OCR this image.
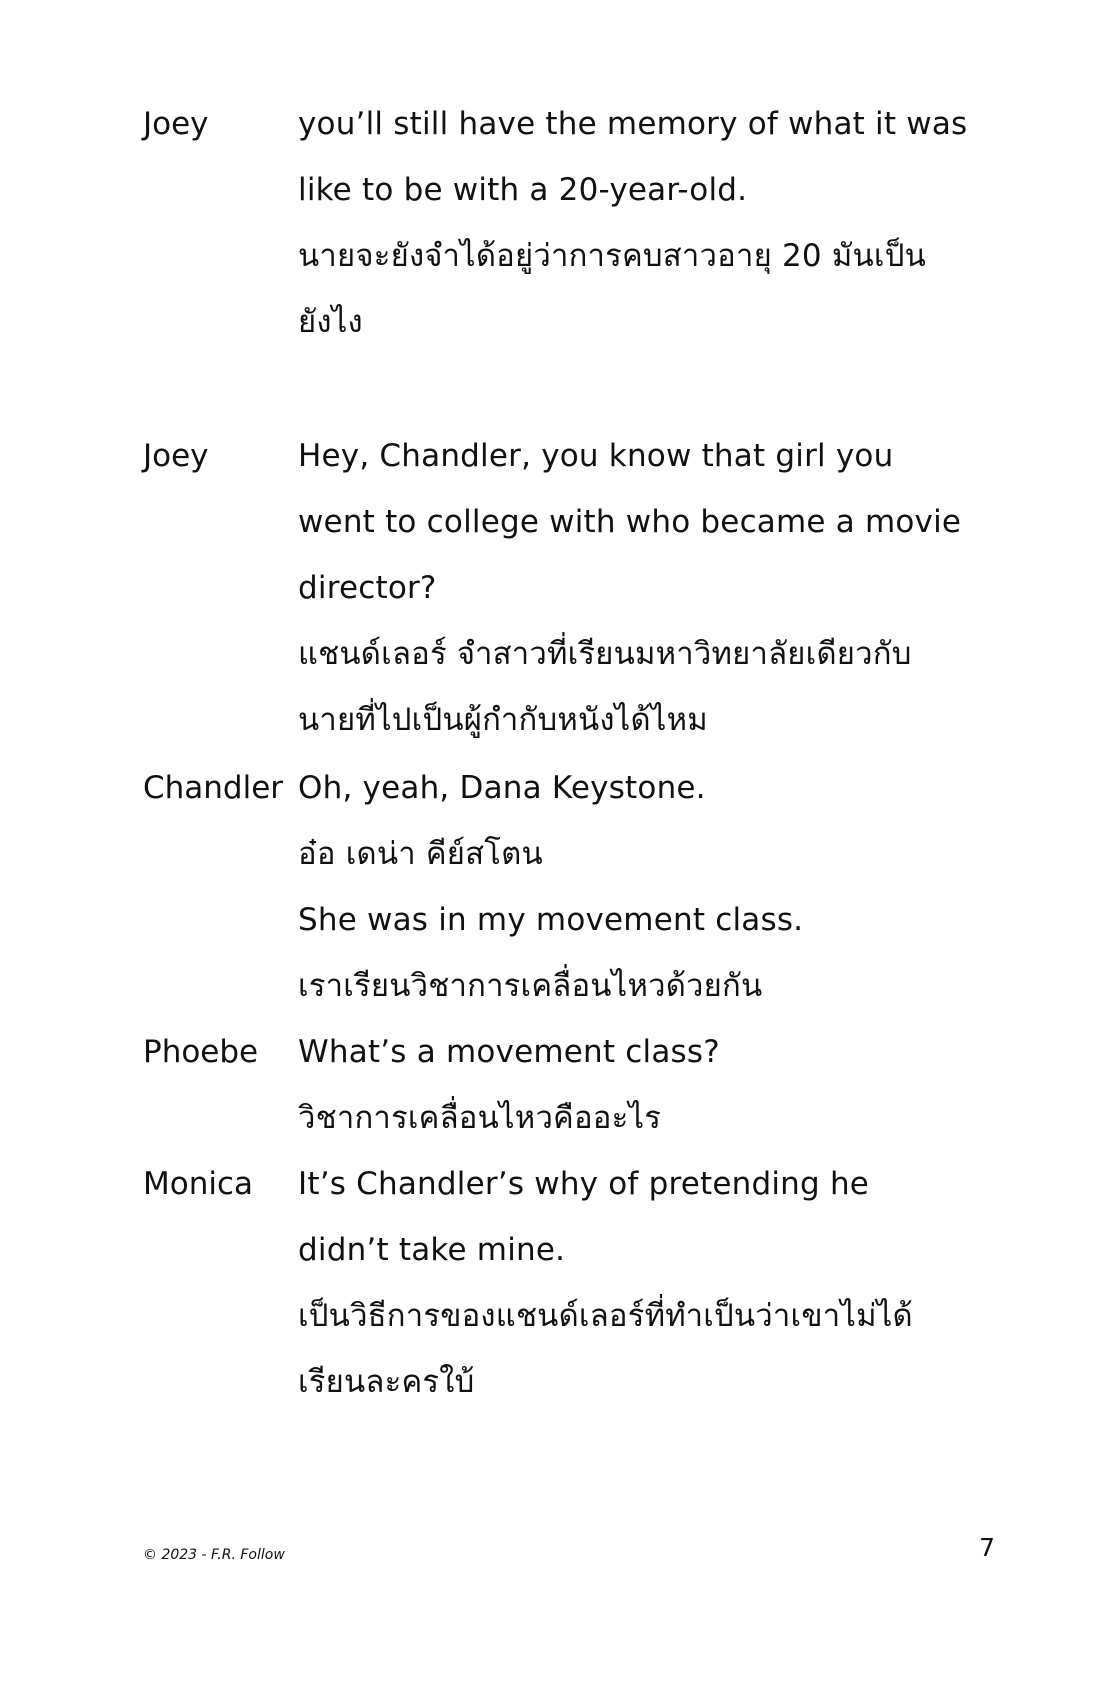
Joey	you’ll still have the memory of what it was
like to be with a 20-year-old.
นายจะยังจำได้อยู่ว่าการคบสาวอายุ 20 มันเป็น
ยังไง
Joey	Hey, Chandler, you know that girl you
went to college with who became a movie
director?
แชนด์เลอร์ จำสาวที่เรียนมหาวิทยาลัยเดียวกับ
นายที่ไปเป็นผู้กำกับหนังได้ไหม
Chandler Oh, yeah, Dana Keystone.
อ๋อ เดน่า คีย์สโตน
She was in my movement class.
เราเรียนวิชาการเคลื่อนไหวด้วยกัน
Phoebe What’s a movement class?
วิชาการเคลื่อนไหวคืออะไร
Monica It’s Chandler’s why of pretending he
didn’t take mine.
เป็นวิธีการของแชนด์เลอร์ที่ทำเป็นว่าเขาไม่ได้
เรียนละครใบ้
© 2023 - F.R. Follow	7
